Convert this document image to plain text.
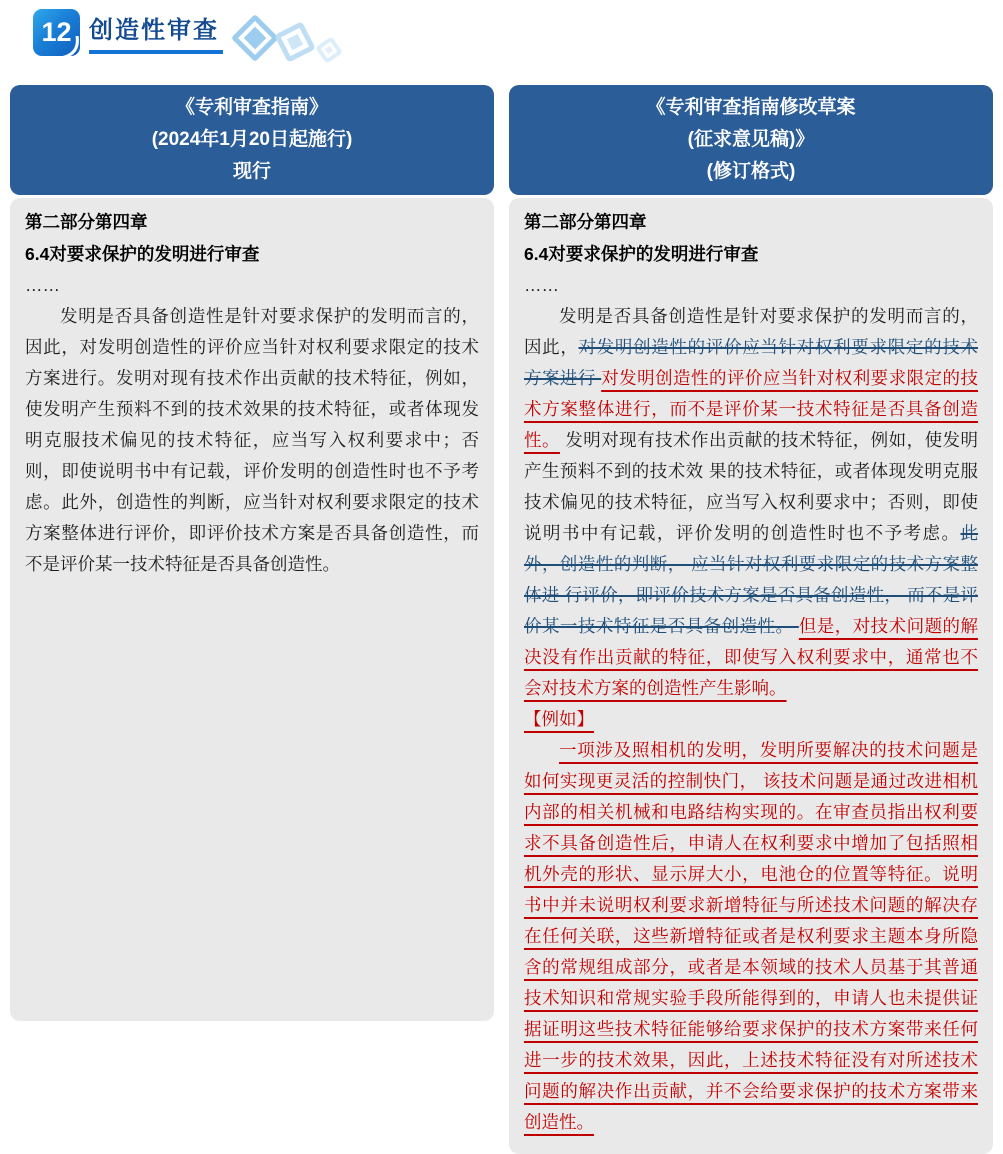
12 创造性审查
《专利审查指南》
(2024年1月20日起施行)
现行
第二部分第四章
6.4对要求保护的发明进行审查

……

发明是否具备创造性是针对要求保护的发明而言的，因此，对发明创造性的评价应当针对权利要求限定的技术方案进行。发明对现有技术作出贡献的技术特征，例如，使发明产生预料不到的技术效果的技术特征，或者体现发明克服技术偏见的技术特征，应当写入权利要求中；否则，即使说明书中有记载，评价发明的创造性时也不予考虑。此外，创造性的判断，应当针对权利要求限定的技术方案整体进行评价，即评价技术方案是否具备创造性，而不是评价某一技术特征是否具备创造性。

《专利审查指南修改草案
(征求意见稿)》
(修订格式)
第二部分第四章
6.4对要求保护的发明进行审查

……

发明是否具备创造性是针对要求保护的发明而言的，因此，对发明创造性的评价应当针对权利要求限定的技术方案进行 对发明创造性的评价应当针对权利要求限定的技术方案整体进行，而不是评价某一技术特征是否具备创造性。 发明对现有技术作出贡献的技术特征，例如，使发明产生预料不到的技术效 果的技术特征，或者体现发明克服技术偏见的技术特征，应当写入权利要求中；否则，即使说明书中有记载，评价发明的创造性时也不予考虑。此外，创造性的判断， 应当针对权利要求限定的技术方案整体进 行评价，即评价技术方案是否具备创造性， 而不是评价某一技术特征是否具备创造性。 但是，对技术问题的解决没有作出贡献的特征，即使写入权利要求中，通常也不会对技术方案的创造性产生影响。

【例如】

一项涉及照相机的发明，发明所要解决的技术问题是如何实现更灵活的控制快门， 该技术问题是通过改进相机内部的相关机械和电路结构实现的。在审查员指出权利要求不具备创造性后，申请人在权利要求中增加了包括照相机外壳的形状、显示屏大小，电池仓的位置等特征。说明书中并未说明权利要求新增特征与所述技术问题的解决存在任何关联，这些新增特征或者是权利要求主题本身所隐含的常规组成部分，或者是本领域的技术人员基于其普通技术知识和常规实验手段所能得到的，申请人也未提供证据证明这些技术特征能够给要求保护的技术方案带来任何进一步的技术效果，因此，上述技术特征没有对所述技术问题的解决作出贡献，并不会给要求保护的技术方案带来创造性。
